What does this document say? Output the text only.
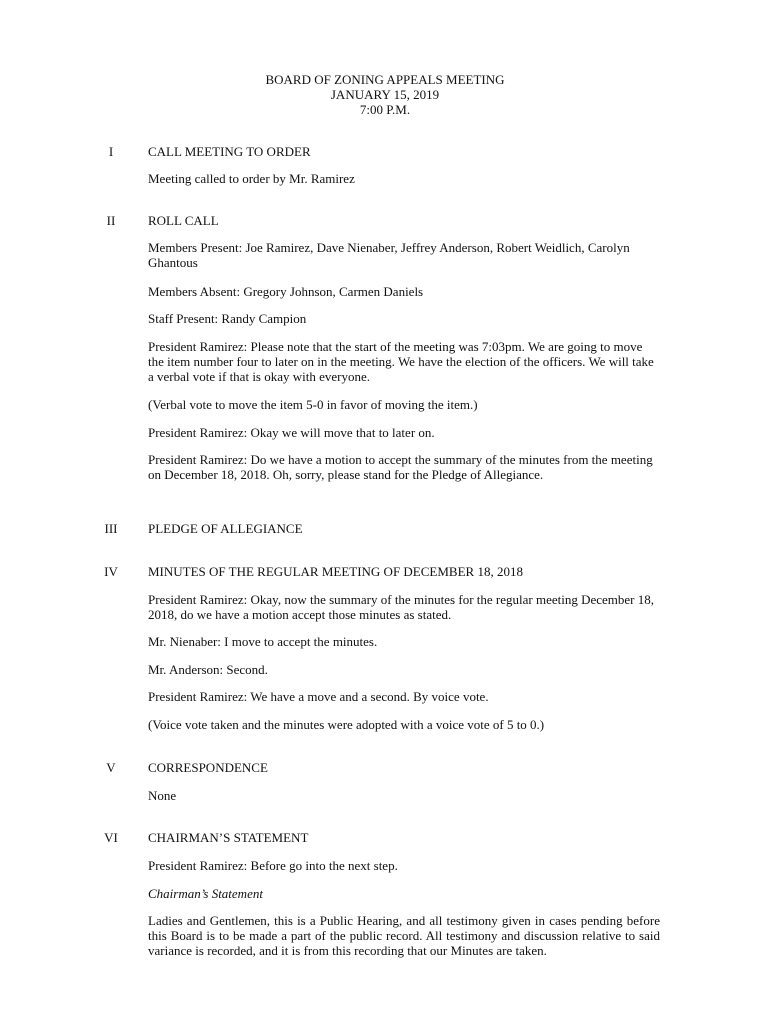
BOARD OF ZONING APPEALS MEETING
JANUARY 15, 2019
7:00 P.M.
I	CALL MEETING TO ORDER

Meeting called to order by Mr. Ramirez

II	ROLL CALL

Members Present: Joe Ramirez, Dave Nienaber, Jeffrey Anderson, Robert Weidlich, Carolyn Ghantous

Members Absent: Gregory Johnson, Carmen Daniels

Staff Present: Randy Campion

President Ramirez: Please note that the start of the meeting was 7:03pm. We are going to move the item number four to later on in the meeting. We have the election of the officers. We will take a verbal vote if that is okay with everyone.

(Verbal vote to move the item 5-0 in favor of moving the item.)

President Ramirez: Okay we will move that to later on.

President Ramirez: Do we have a motion to accept the summary of the minutes from the meeting on December 18, 2018. Oh, sorry, please stand for the Pledge of Allegiance.

III	PLEDGE OF ALLEGIANCE
IV	MINUTES OF THE REGULAR MEETING OF DECEMBER 18, 2018

President Ramirez: Okay, now the summary of the minutes for the regular meeting December 18, 2018, do we have a motion accept those minutes as stated.

Mr. Nienaber: I move to accept the minutes.

Mr. Anderson: Second.

President Ramirez: We have a move and a second. By voice vote.

(Voice vote taken and the minutes were adopted with a voice vote of 5 to 0.)

V	CORRESPONDENCE

None

VI	CHAIRMAN’S STATEMENT

President Ramirez: Before go into the next step.

Chairman’s Statement

Ladies and Gentlemen, this is a Public Hearing, and all testimony given in cases pending before this Board is to be made a part of the public record. All testimony and discussion relative to said variance is recorded, and it is from this recording that our Minutes are taken.
